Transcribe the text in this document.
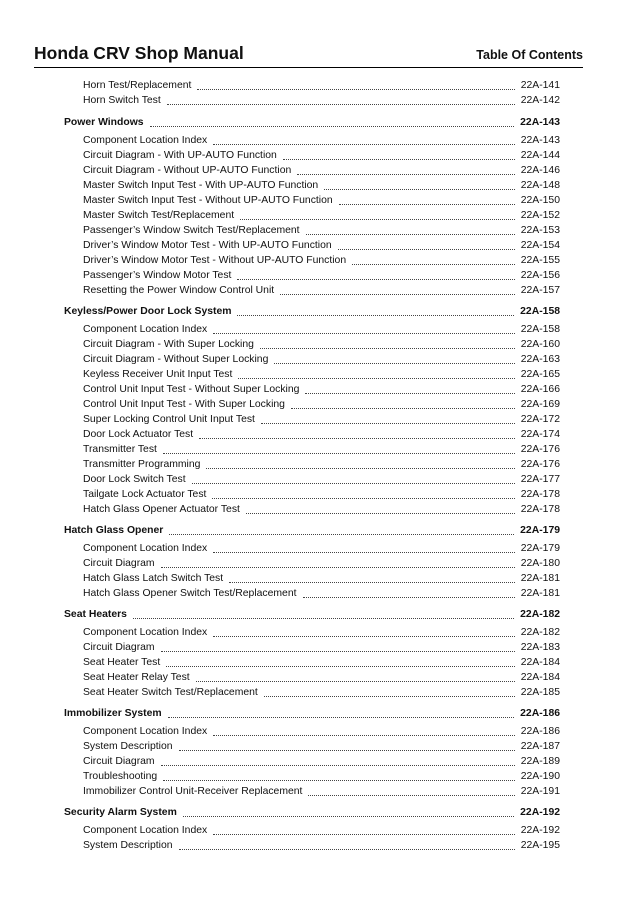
Honda CRV Shop Manual	Table Of Contents
Horn Test/Replacement	22A-141
Horn Switch Test	22A-142
Power Windows	22A-143
Component Location Index	22A-143
Circuit Diagram - With UP-AUTO Function	22A-144
Circuit Diagram - Without UP-AUTO Function	22A-146
Master Switch Input Test - With UP-AUTO Function	22A-148
Master Switch Input Test - Without UP-AUTO Function	22A-150
Master Switch Test/Replacement	22A-152
Passenger’s Window Switch Test/Replacement	22A-153
Driver’s Window Motor Test - With UP-AUTO Function	22A-154
Driver’s Window Motor Test - Without UP-AUTO Function	22A-155
Passenger’s Window Motor Test	22A-156
Resetting the Power Window Control Unit	22A-157
Keyless/Power Door Lock System	22A-158
Component Location Index	22A-158
Circuit Diagram - With Super Locking	22A-160
Circuit Diagram - Without Super Locking	22A-163
Keyless Receiver Unit Input Test	22A-165
Control Unit Input Test - Without Super Locking	22A-166
Control Unit Input Test - With Super Locking	22A-169
Super Locking Control Unit Input Test	22A-172
Door Lock Actuator Test	22A-174
Transmitter Test	22A-176
Transmitter Programming	22A-176
Door Lock Switch Test	22A-177
Tailgate Lock Actuator Test	22A-178
Hatch Glass Opener Actuator Test	22A-178
Hatch Glass Opener	22A-179
Component Location Index	22A-179
Circuit Diagram	22A-180
Hatch Glass Latch Switch Test	22A-181
Hatch Glass Opener Switch Test/Replacement	22A-181
Seat Heaters	22A-182
Component Location Index	22A-182
Circuit Diagram	22A-183
Seat Heater Test	22A-184
Seat Heater Relay Test	22A-184
Seat Heater Switch Test/Replacement	22A-185
Immobilizer System	22A-186
Component Location Index	22A-186
System Description	22A-187
Circuit Diagram	22A-189
Troubleshooting	22A-190
Immobilizer Control Unit-Receiver Replacement	22A-191
Security Alarm System	22A-192
Component Location Index	22A-192
System Description	22A-195
